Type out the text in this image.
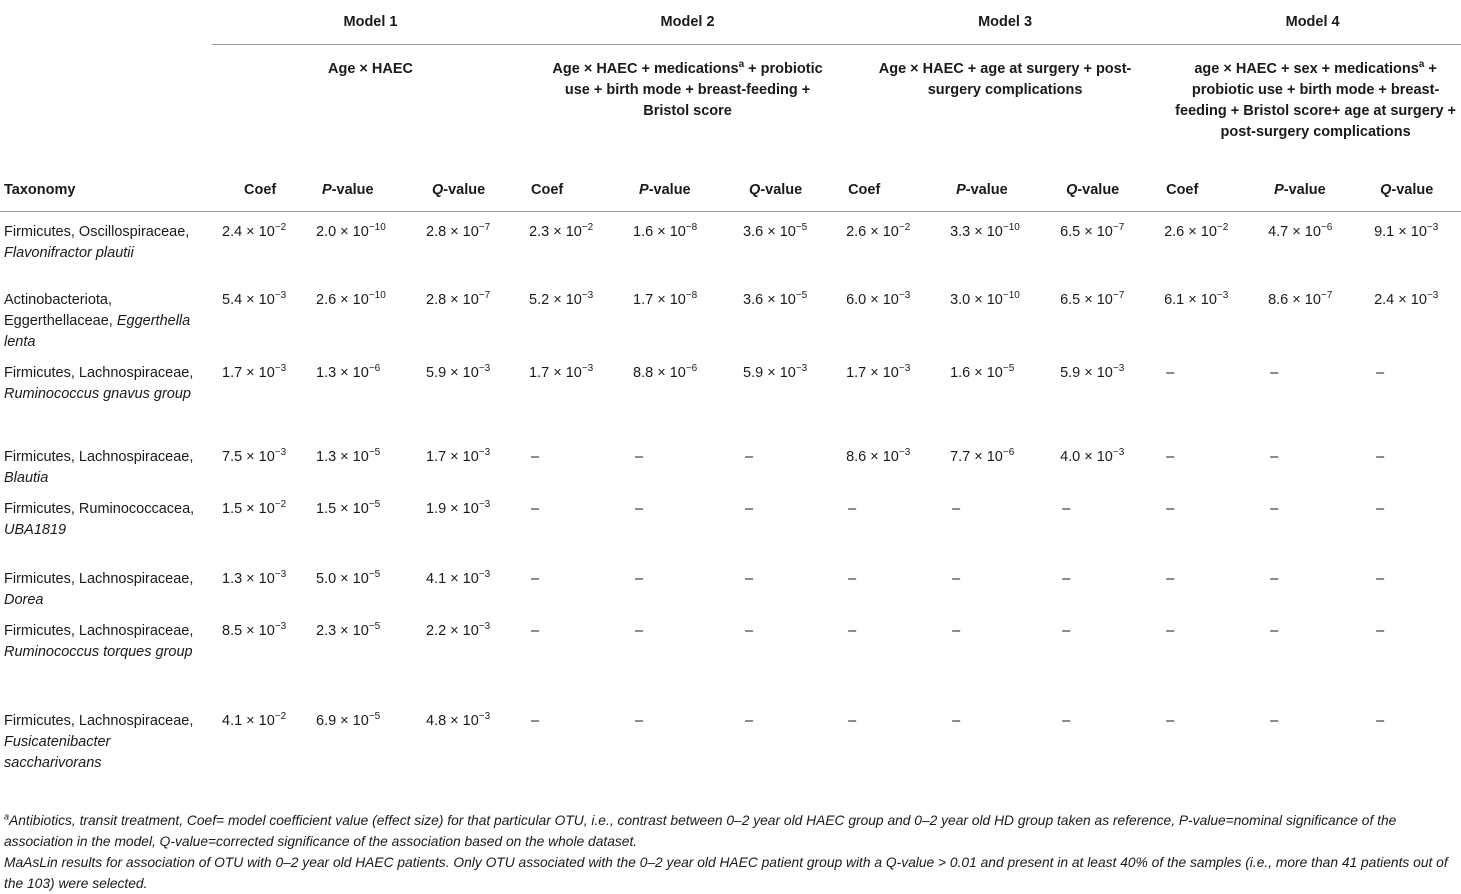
	Model 1			Model 2			Model 3			Model 4		
	Age × HAEC			Age × HAEC + medications$^a$ + probiotic use + birth mode + breast-feeding + Bristol score			Age × HAEC + age at surgery + post-surgery complications			age × HAEC + sex + medications$^a$ + probiotic use + birth mode + breast-feeding + Bristol score+ age at surgery + post-surgery complications		
Taxonomy	Coef	P-value	Q-value	Coef	P-value	Q-value	Coef	P-value	Q-value	Coef	P-value	Q-value
Firmicutes, Oscillospiraceae, Flavonifractor plautii	$2.4 \times 10^{-2}$	$2.0 \times 10^{-10}$	$2.8 \times 10^{-7}$	$2.3 \times 10^{-2}$	$1.6 \times 10^{-8}$	$3.6 \times 10^{-5}$	$2.6 \times 10^{-2}$	$3.3 \times 10^{-10}$	$6.5 \times 10^{-7}$	$2.6 \times 10^{-2}$	$4.7 \times 10^{-6}$	$9.1 \times 10^{-3}$
Actinobacteriota, Eggerthellaceae, Eggerthella lenta	$5.4 \times 10^{-3}$	$2.6 \times 10^{-10}$	$2.8 \times 10^{-7}$	$5.2 \times 10^{-3}$	$1.7 \times 10^{-8}$	$3.6 \times 10^{-5}$	$6.0 \times 10^{-3}$	$3.0 \times 10^{-10}$	$6.5 \times 10^{-7}$	$6.1 \times 10^{-3}$	$8.6 \times 10^{-7}$	$2.4 \times 10^{-3}$
Firmicutes, Lachnospiraceae, Ruminococcus gnavus group	$1.7 \times 10^{-3}$	$1.3 \times 10^{-6}$	$5.9 \times 10^{-3}$	$1.7 \times 10^{-3}$	$8.8 \times 10^{-6}$	$5.9 \times 10^{-3}$	$1.7 \times 10^{-3}$	$1.6 \times 10^{-5}$	$5.9 \times 10^{-3}$	–	–	–
Firmicutes, Lachnospiraceae, Blautia	$7.5 \times 10^{-3}$	$1.3 \times 10^{-5}$	$1.7 \times 10^{-3}$	–	–	–	$8.6 \times 10^{-3}$	$7.7 \times 10^{-6}$	$4.0 \times 10^{-3}$	–	–	–
Firmicutes, Ruminococcacea, UBA1819	$1.5 \times 10^{-2}$	$1.5 \times 10^{-5}$	$1.9 \times 10^{-3}$	–	–	–	–	–	–	–	–	–
Firmicutes, Lachnospiraceae, Dorea	$1.3 \times 10^{-3}$	$5.0 \times 10^{-5}$	$4.1 \times 10^{-3}$	–	–	–	–	–	–	–	–	–
Firmicutes, Lachnospiraceae, Ruminococcus torques group	$8.5 \times 10^{-3}$	$2.3 \times 10^{-5}$	$2.2 \times 10^{-3}$	–	–	–	–	–	–	–	–	–
Firmicutes, Lachnospiraceae, Fusicatenibacter saccharivorans	$4.1 \times 10^{-2}$	$6.9 \times 10^{-5}$	$4.8 \times 10^{-3}$	–	–	–	–	–	–	–	–	–

$^a$Antibiotics, transit treatment, Coef= model coefficient value (effect size) for that particular OTU, i.e., contrast between 0–2 year old HAEC group and 0–2 year old HD group taken as reference, P-value=nominal significance of the association in the model, Q-value=corrected significance of the association based on the whole dataset.

MaAsLin results for association of OTU with 0–2 year old HAEC patients. Only OTU associated with the 0–2 year old HAEC patient group with a Q-value > 0.01 and present in at least 40% of the samples (i.e., more than 41 patients out of the 103) were selected.
